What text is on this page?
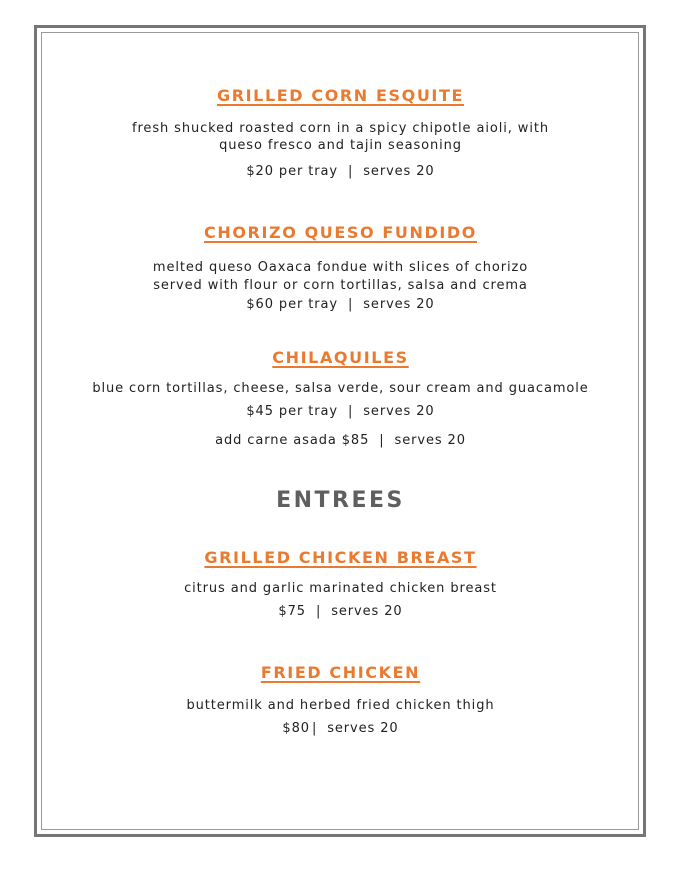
GRILLED CORN ESQUITE
fresh shucked roasted corn in a spicy chipotle aioli, with
queso fresco and tajin seasoning
$20 per tray | serves 20
CHORIZO QUESO FUNDIDO
melted queso Oaxaca fondue with slices of chorizo
served with flour or corn tortillas, salsa and crema
$60 per tray | serves 20
CHILAQUILES
blue corn tortillas, cheese, salsa verde, sour cream and guacamole
$45 per tray | serves 20
add carne asada $85 | serves 20
ENTREES
GRILLED CHICKEN BREAST
citrus and garlic marinated chicken breast
$75 | serves 20
FRIED CHICKEN
buttermilk and herbed fried chicken thigh
$80 | serves 20
